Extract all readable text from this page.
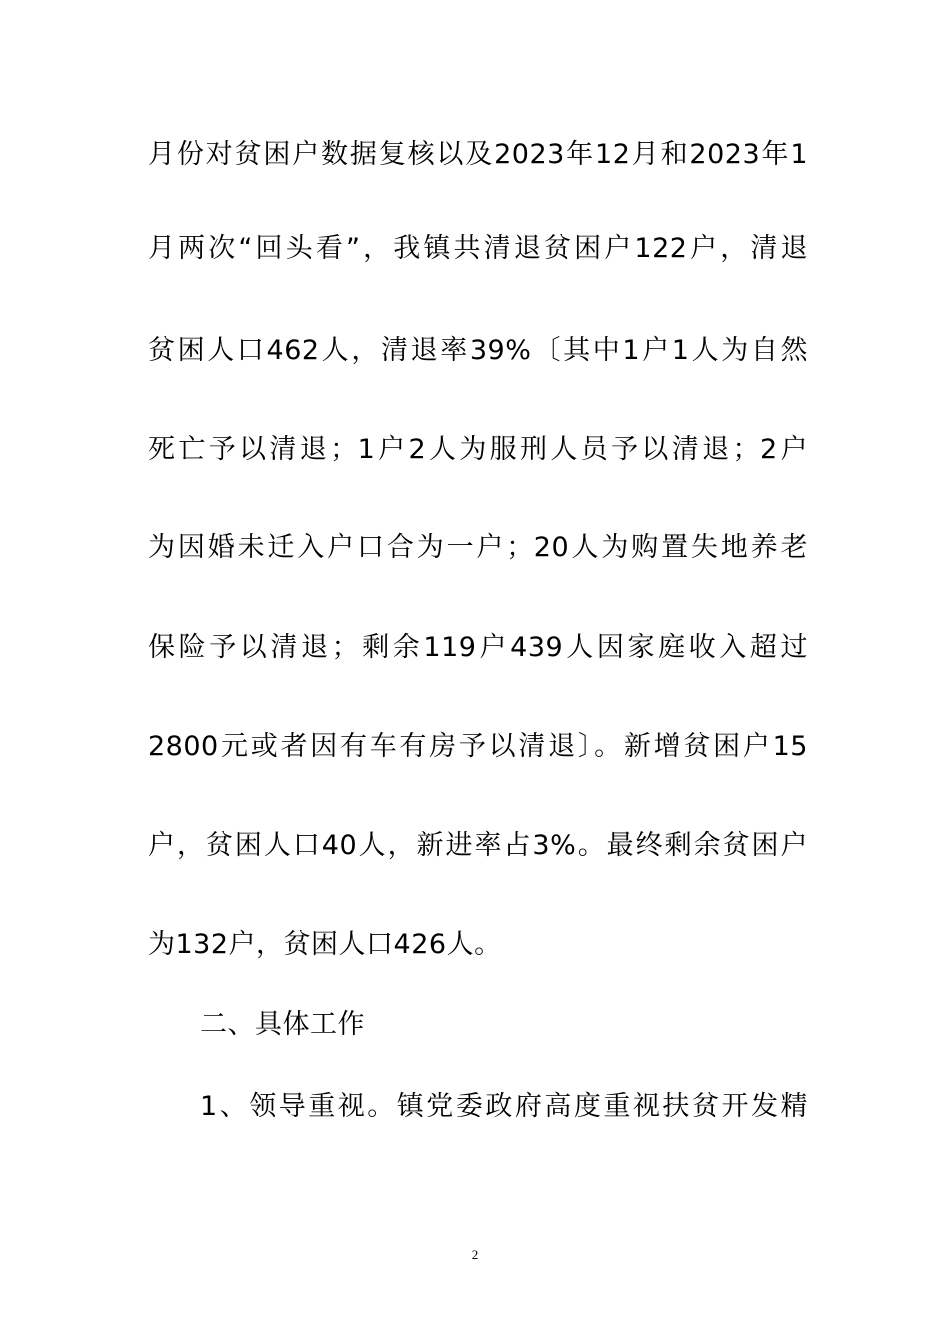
月份对贫困户数据复核以及2023年12月和2023年1
月两次“回头看”，我镇共清退贫困户122户，清退
贫困人口462人，清退率39%〔其中1户1人为自然
死亡予以清退；1户2人为服刑人员予以清退；2户
为因婚未迁入户口合为一户；20人为购置失地养老
保险予以清退；剩余119户439人因家庭收入超过
2800元或者因有车有房予以清退〕。新增贫困户15
户，贫困人口40人，新进率占3%。最终剩余贫困户
为132户，贫困人口426人。
二、具体工作
1、领导重视。镇党委政府高度重视扶贫开发精
2
